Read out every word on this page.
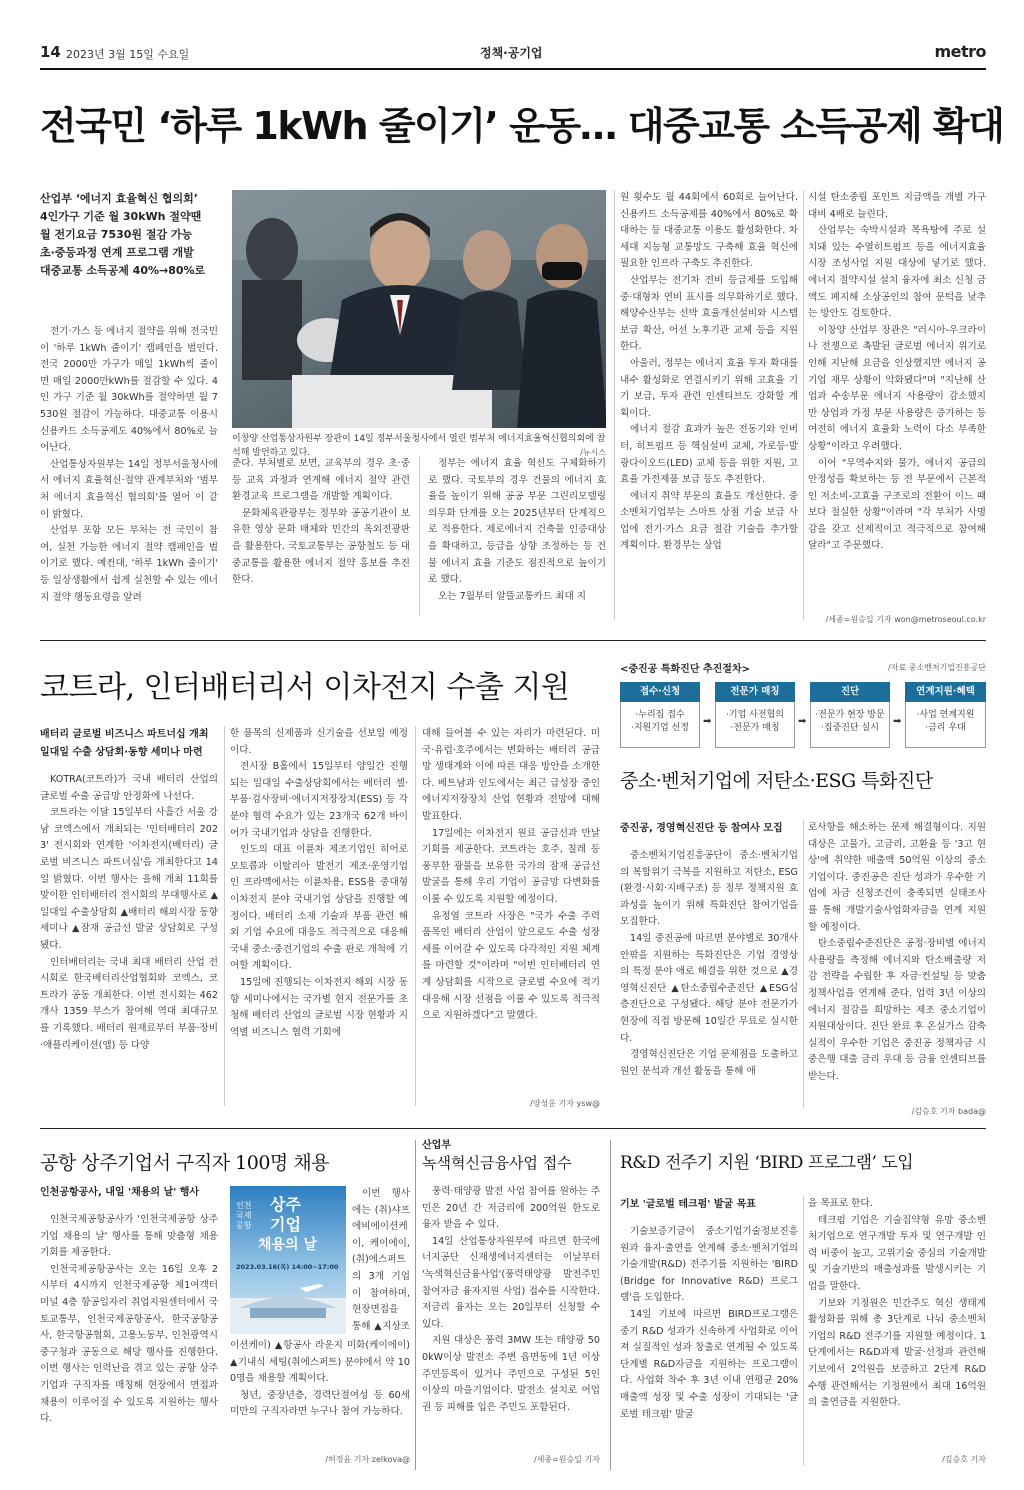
14 2023년 3월 15일 수요일	정책·공기업	metro
전국민 ‘하루 1kWh 줄이기’ 운동… 대중교통 소득공제 확대
산업부 ‘에너지 효율혁신 협의회’
4인가구 기준 월 30kWh 절약땐
월 전기요금 7530원 절감 가능
초·중등과정 연계 프로그램 개발
대중교통 소득공제 40%→80%로

전기·가스 등 에너지 절약을 위해 전국민이 '하루 1kWh 줄이기' 캠페인을 벌인다. 전국 2000만 가구가 매일 1kWh씩 줄이면 매일 2000만kWh를 절감할 수 있다. 4인 가구 기준 월 30kWh를 절약하면 월 7530원 절감이 가능하다. 대중교통 이용시 신용카드 소득공제도 40%에서 80%로 늘어난다.

산업통상자원부는 14일 정부서울청사에서 에너지 효율혁신·절약 관계부처와 '범부처 에너지 효율혁신 협의회'를 열어 이 같이 밝혔다.

산업부 포함 모든 부처는 전 국민이 참여, 실천 가능한 에너지 절약 캠페인을 벌이기로 했다. 예컨대, '하루 1kWh 줄이기' 등 일상생활에서 쉽게 실천할 수 있는 에너지 절약 행동요령을 알려

이창양 산업통상자원부 장관이 14일 정부서울청사에서 열린 범부처 에너지효율혁신협의회에 참석해 발언하고 있다.	/뉴시스

준다. 부처별로 보면, 교육부의 경우 초·중등 교육 과정과 연계해 에너지 절약 관련 환경교육 프로그램을 개발할 계획이다.

문화체육관광부는 정부와 공공기관이 보유한 영상 문화 매체와 민간의 옥외전광판을 활용한다. 국토교통부는 공항철도 등 대중교통을 활용한 에너지 절약 홍보를 추진한다.

정부는 에너지 효율 혁신도 구체화하기로 했다. 국토부의 경우 건물의 에너지 효율을 높이기 위해 공공 부문 그린리모델링 의무화 단계를 오는 2025년부터 단계적으로 적용한다. 제로에너지 건축물 인증대상을 확대하고, 등급을 상향 조정하는 등 건물 에너지 효율 기준도 점진적으로 높이기로 했다.

오는 7월부터 알뜰교통카드 최대 지

원 횟수도 월 44회에서 60회로 늘어난다. 신용카드 소득공제를 40%에서 80%로 확대하는 등 대중교통 이용도 활성화한다. 차세대 지능형 교통망도 구축해 효율 혁신에 필요한 인프라 구축도 추진한다.

산업부는 전기차 전비 등급제를 도입해 중·대형차 연비 표시를 의무화하기로 했다. 해양수산부는 선박 효율개선설비와 시스템 보급 확산, 어선 노후기관 교체 등을 지원한다.

아울러, 정부는 에너지 효율 투자 확대를 내수 활성화로 연결시키기 위해 고효율 기기 보급, 투자 관련 인센티브도 강화할 계획이다.

에너지 절감 효과가 높은 전동기와 인버터, 히트펌프 등 핵심설비 교체, 가로등·발광다이오드(LED) 교체 등을 위한 지원, 고효율 가전제품 보급 등도 추진한다.

에너지 취약 부문의 효율도 개선한다. 중소벤처기업부는 스마트 상점 기술 보급 사업에 전기·가스 요금 절감 기술을 추가할 계획이다. 환경부는 상업

시설 탄소중립 포인트 지급액을 개별 가구 대비 4배로 늘린다.

산업부는 숙박시설과 목욕탕에 주로 설치돼 있는 수열히트펌프 등을 에너지효율시장 조성사업 지원 대상에 넣기로 했다. 에너지 절약시설 설치 융자에 최소 신청 금액도 폐지해 소상공인의 참여 문턱을 낮추는 방안도 검토한다.

이창양 산업부 장관은 "러시아-우크라이나 전쟁으로 촉발된 글로벌 에너지 위기로 인해 지난해 요금을 인상했지만 에너지 공기업 재무 상황이 악화됐다"며 "지난해 산업과 수송부문 에너지 사용량이 감소했지만 상업과 가정 부문 사용량은 증가하는 등 여전히 에너지 효율화 노력이 다소 부족한 상황"이라고 우려했다.

이어 "무역수지와 물가, 에너지 공급의 안정성을 확보하는 등 전 부문에서 근본적인 저소비-고효율 구조로의 전환이 이느 때보다 절실한 상황"이라며 "각 부처가 사명감을 갖고 선제적이고 적극적으로 참여해달라"고 주문했다.

/세종=원승일 기자 won@metroseoul.co.kr
코트라, 인터배터리서 이차전지 수출 지원
배터리 글로벌 비즈니스 파트너십 개최
일대일 수출 상담회·동향 세미나 마련

KOTRA(코트라)가 국내 배터리 산업의 글로벌 수출 공급망 안정화에 나선다.

코트라는 이달 15일부터 사흘간 서울 강남 코엑스에서 개최되는 '인터배터리 2023' 전시회와 연계한 '이차전지(배터리) 글로벌 비즈니스 파트너십'을 개최한다고 14일 밝혔다. 이번 행사는 올해 개최 11회를 맞이한 인터배터리 전시회의 부대행사로 ▲일대일 수출상담회 ▲배터리 해외시장 동향 세미나 ▲잠재 공급선 발굴 상담회로 구성됐다.

인터배터리는 국내 최대 배터리 산업 전시회로 한국배터리산업협회와 코엑스, 코트라가 공동 개최한다. 이번 전시회는 462개사 1359 부스가 참여해 역대 최대규모를 기록했다. 배터리 원재료부터 부품·장비·애플리케이션(앱) 등 다양

한 품목의 신제품과 신기술을 선보일 예정이다.

전시장 B홀에서 15일부터 양일간 진행되는 일대일 수출상담회에서는 배터리 셀·부품·검사장비·에너지저장장치(ESS) 등 각 분야 협력 수요가 있는 23개국 62개 바이어가 국내기업과 상담을 진행한다.

인도의 대표 이륜차 제조기업인 히어로 모토콥과 이탈리아 발전기 제조·운영기업인 프라맥에서는 이륜차용, ESS용 중대형 이차전지 분야 국내기업 상담을 진행할 예정이다. 배터리 소재 기술과 부품 관련 해외 기업 수요에 대응도 적극적으로 대응해 국내 중소·중견기업의 수출 판로 개척에 기여할 계획이다.

15일에 진행되는 이차전지 해외 시장 동향 세미나에서는 국가별 현지 전문가를 초청해 배터리 산업의 글로벌 시장 현황과 지역별 비즈니스 협력 기회에

대해 들어볼 수 있는 자리가 마련된다. 미국·유럽·호주에서는 변화하는 배터리 공급망 생태계와 이에 따른 대응 방안을 소개한다. 베트남과 인도에서는 최근 급성장 중인 에너지저장장치 산업 현황과 전망에 대해 발표한다.

17일에는 이차전지 원료 공급선과 만날 기회를 제공한다. 코트라는 호주, 칠레 등 풍부한 광물을 보유한 국가의 잠재 공급선 발굴을 통해 우리 기업이 공급망 다변화를 이룰 수 있도록 지원할 예정이다.

유정열 코트라 사장은 "국가 수출 주력 품목인 배터리 산업이 앞으로도 수출 성장세를 이어갈 수 있도록 다각적인 지원 체계를 마련할 것"이라며 "이번 인터배터리 연계 상담회를 시작으로 글로벌 수요에 적기 대응해 시장 선점을 이룰 수 있도록 적극적으로 지원하겠다"고 말했다.

/양성운 기자 ysw@
<중진공 특화진단 추진절차>	/자료 중소벤처기업진흥공단
접수·신청
·누리집 접수
·지원기업 선정
➡
전문가 매칭
·기업 사전협의
·전문가 매칭
➡
진단
·전문가 현장 방문
·집중진단 실시
➡
연계지원·혜택
·사업 연계지원
·금리 우대
중소·벤처기업에 저탄소·ESG 특화진단
중진공, 경영혁신진단 등 참여사 모집

중소벤처기업진흥공단이 중소·벤처기업의 복합위기 극복을 지원하고 저탄소, ESG(환경·사회·지배구조) 등 정부 정책지원 효과성을 높이기 위해 특화진단 참여기업을 모집한다.

14일 중진공에 따르면 분야별로 30개사 안팎을 지원하는 특화진단은 기업 경영상의 특정 분야 애로 해결을 위한 것으로 ▲경영혁신진단 ▲탄소중립수준진단 ▲ESG심층진단으로 구성됐다. 해당 분야 전문가가 현장에 직접 방문해 10일간 무료로 실시한다.

경영혁신진단은 기업 문제점을 도출하고 원인 분석과 개선 활동을 통해 애

로사항을 해소하는 문제 해결형이다. 지원대상은 고물가, 고금리, 고환율 등 '3고 현상'에 취약한 매출액 50억원 이상의 중소기업이다. 중진공은 진단 성과가 우수한 기업에 자금 신청조건이 충족되면 실태조사를 통해 개발기술사업화자금을 연계 지원할 예정이다.

탄소중립수준진단은 공정·장비별 에너지 사용량을 측정해 에너지와 탄소배출량 저감 전략을 수립한 후 자금·컨설팅 등 맞춤 정책사업을 연계해 준다. 업력 3년 이상의 에너지 절감을 희망하는 제조 중소기업이 지원대상이다. 진단 완료 후 온실가스 감축 실적이 우수한 기업은 중진공 정책자금 시중은행 대출 금리 우대 등 금융 인센티브를 받는다.

/김승호 기자 bada@
공항 상주기업서 구직자 100명 채용
인천공항공사, 내일 '채용의 날' 행사
인천
국제
공항
상주
기업
채용의 날
2023.03.16(목) 14:00~17:00

인천국제공항공사가 '인천국제공항 상주기업 채용의 날' 행사를 통해 맞춤형 채용 기회를 제공한다.

인천국제공항공사는 오는 16일 오후 2시부터 4시까지 인천국제공항 제1여객터미널 4층 항공일자리 취업지원센터에서 국토교통부, 인천국제공항공사, 한국공항공사, 한국항공협회, 고용노동부, 인천광역시중구청과 공동으로 해당 행사를 진행한다. 이번 행사는 인력난을 겪고 있는 공항 상주기업과 구직자를 매칭해 현장에서 면접과 채용이 이루어질 수 있도록 지원하는 행사다.

이번 행사에는 (취)샤프에비에이션케이, 케이에이, (취)에스퍼트의 3개 기업이 참여하며, 현장면접을 통해 ▲지상조

이션케이) ▲항공사 라운지 미화(케이에이) ▲기내식 세팅(취에스퍼트) 분야에서 약 100명을 채용할 계획이다.

청년, 중장년층, 경력단절여성 등 60세 미만의 구직자라면 누구나 참여 가능하다.

/허정윤 기자 zelkova@
산업부
녹색혁신금융사업 접수

풍력·태양광 발전 사업 참여를 원하는 주민은 20년 간 저금리에 200억원 한도로 융자 받을 수 있다.

14일 산업통상자원부에 따르면 한국에너지공단 신재생에너지센터는 이날부터 '녹색혁신금융사업'(풍력태양광 발전주민참여자금 융자지원 사업) 접수를 시작한다. 저금리 융자는 오는 20일부터 신청할 수 있다.

지원 대상은 풍력 3MW 또는 태양광 500kW이상 발전소 주변 읍면동에 1년 이상 주민등록이 있거나 주민으로 구성된 5인 이상의 마을기업이다. 발전소 설치로 어업권 등 피해를 입은 주민도 포함된다.

/세종=원승일 기자
R&D 전주기 지원 ‘BIRD 프로그램’ 도입
기보 '글로벌 테크펌' 발굴 목표

기술보증기금이 중소기업기술정보진흥원과 융자·출연을 연계해 중소·벤처기업의 기술개발(R&D) 전주기를 지원하는 'BIRD(Bridge for Innovative R&D) 프로그램'을 도입한다.

14일 기보에 따르면 BIRD프로그램은 중기 R&D 성과가 신속하게 사업화로 이어져 실질적인 성과 창출로 연계될 수 있도록 단계별 R&D자금을 지원하는 프로그램이다. 사업화 착수 후 3년 이내 연평균 20% 매출액 성장 및 수출 성장이 기대되는 '글로벌 테크펌' 발굴

을 목표로 한다.

테크펌 기업은 기술집약형 유망 중소벤처기업으로 연구개발 투자 및 연구개발 인력 비중이 높고, 고위기술 중심의 기술개발 및 기술기반의 매출성과를 발생시키는 기업을 말한다.

기보와 기정원은 민간주도 혁신 생태계 활성화를 위해 총 3단계로 나눠 중소벤처기업의 R&D 전주기를 지원할 예정이다. 1단계에서는 R&D과제 발굴·선정과 관련해 기보에서 2억원을 보증하고 2단계 R&D 수행 관련해서는 기정원에서 최대 16억원의 출연금을 지원한다.

/김승호 기자
